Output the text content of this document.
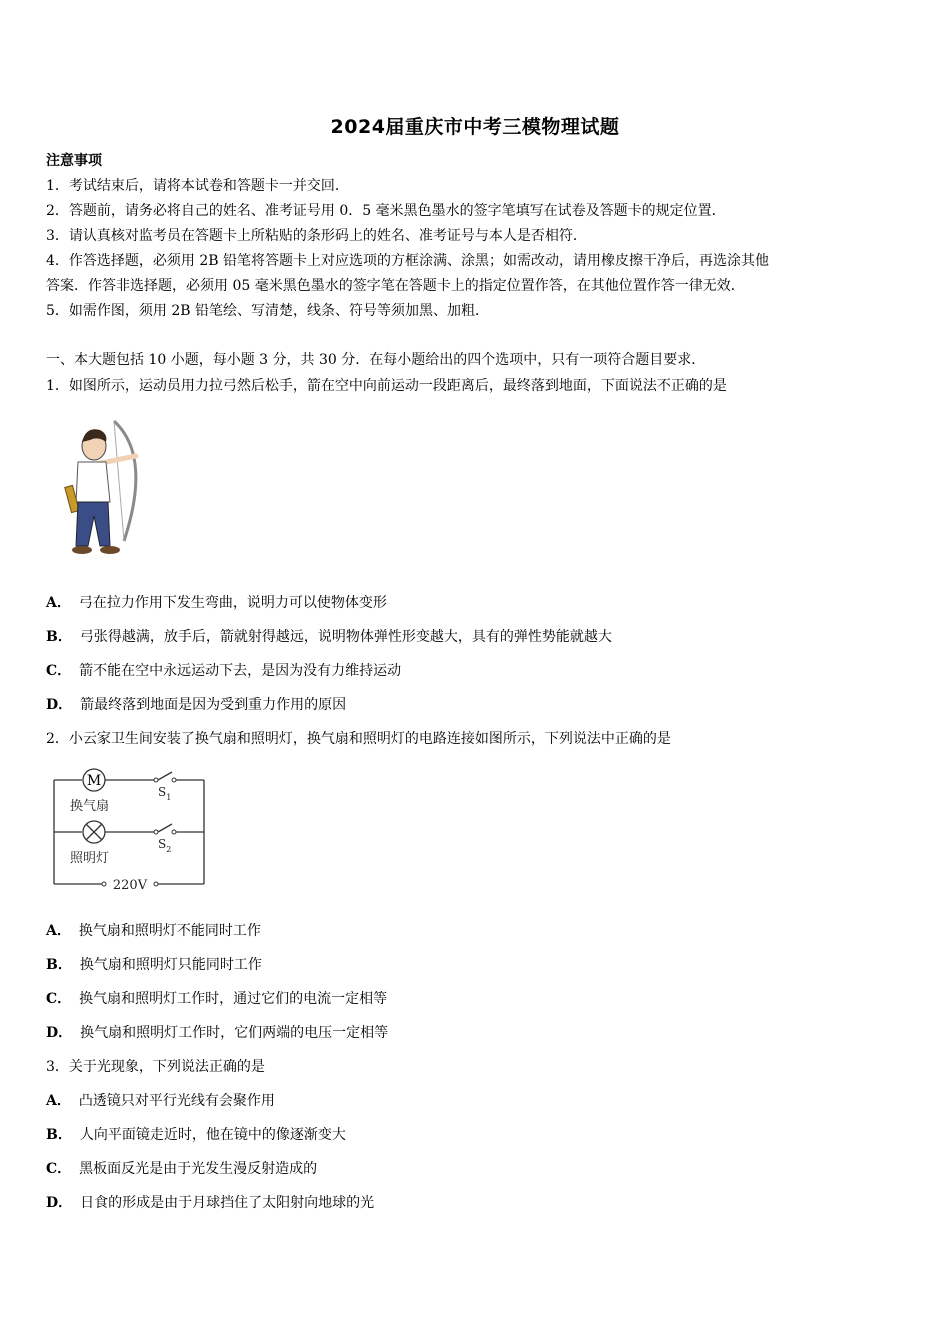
2024届重庆市中考三模物理试题
注意事项
1．考试结束后，请将本试卷和答题卡一并交回．
2．答题前，请务必将自己的姓名、准考证号用 0．5 毫米黑色墨水的签字笔填写在试卷及答题卡的规定位置．
3．请认真核对监考员在答题卡上所粘贴的条形码上的姓名、准考证号与本人是否相符．
4．作答选择题，必须用 2B 铅笔将答题卡上对应选项的方框涂满、涂黑；如需改动，请用橡皮擦干净后，再选涂其他
答案．作答非选择题，必须用 05 毫米黑色墨水的签字笔在答题卡上的指定位置作答，在其他位置作答一律无效．
5．如需作图，须用 2B 铅笔绘、写清楚，线条、符号等须加黑、加粗．
一、本大题包括 10 小题，每小题 3 分，共 30 分．在每小题给出的四个选项中，只有一项符合题目要求．
1．如图所示，运动员用力拉弓然后松手，箭在空中向前运动一段距离后，最终落到地面，下面说法不正确的是
A． 弓在拉力作用下发生弯曲，说明力可以使物体变形
B． 弓张得越满，放手后，箭就射得越远，说明物体弹性形变越大，具有的弹性势能就越大
C． 箭不能在空中永远运动下去，是因为没有力维持运动
D． 箭最终落到地面是因为受到重力作用的原因
2．小云家卫生间安装了换气扇和照明灯，换气扇和照明灯的电路连接如图所示，下列说法中正确的是
M
换气扇
$S_1$
照明灯
$S_2$
220V
A． 换气扇和照明灯不能同时工作
B． 换气扇和照明灯只能同时工作
C． 换气扇和照明灯工作时，通过它们的电流一定相等
D． 换气扇和照明灯工作时，它们两端的电压一定相等
3．关于光现象，下列说法正确的是
A． 凸透镜只对平行光线有会聚作用
B． 人向平面镜走近时，他在镜中的像逐渐变大
C． 黑板面反光是由于光发生漫反射造成的
D． 日食的形成是由于月球挡住了太阳射向地球的光
